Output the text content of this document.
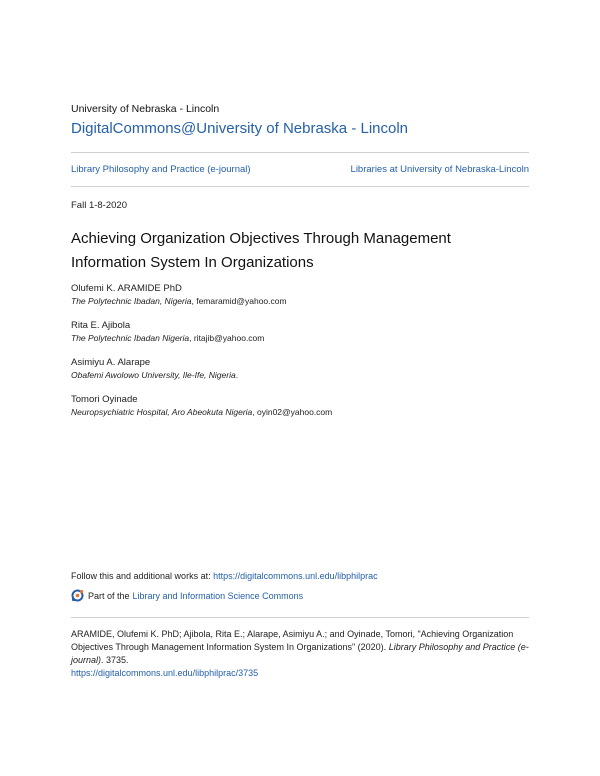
University of Nebraska - Lincoln
DigitalCommons@University of Nebraska - Lincoln
Library Philosophy and Practice (e-journal)	Libraries at University of Nebraska-Lincoln
Fall 1-8-2020
Achieving Organization Objectives Through Management Information System In Organizations
Olufemi K. ARAMIDE PhD
The Polytechnic Ibadan, Nigeria, femaramid@yahoo.com
Rita E. Ajibola
The Polytechnic Ibadan Nigeria, ritajib@yahoo.com
Asimiyu A. Alarape
Obafemi Awolowo University, Ile-Ife, Nigeria.
Tomori Oyinade
Neuropsychiatric Hospital, Aro Abeokuta Nigeria, oyin02@yahoo.com
Follow this and additional works at: https://digitalcommons.unl.edu/libphilprac
Part of the Library and Information Science Commons
ARAMIDE, Olufemi K. PhD; Ajibola, Rita E.; Alarape, Asimiyu A.; and Oyinade, Tomori, "Achieving Organization Objectives Through Management Information System In Organizations" (2020). Library Philosophy and Practice (e-journal). 3735.
https://digitalcommons.unl.edu/libphilprac/3735
